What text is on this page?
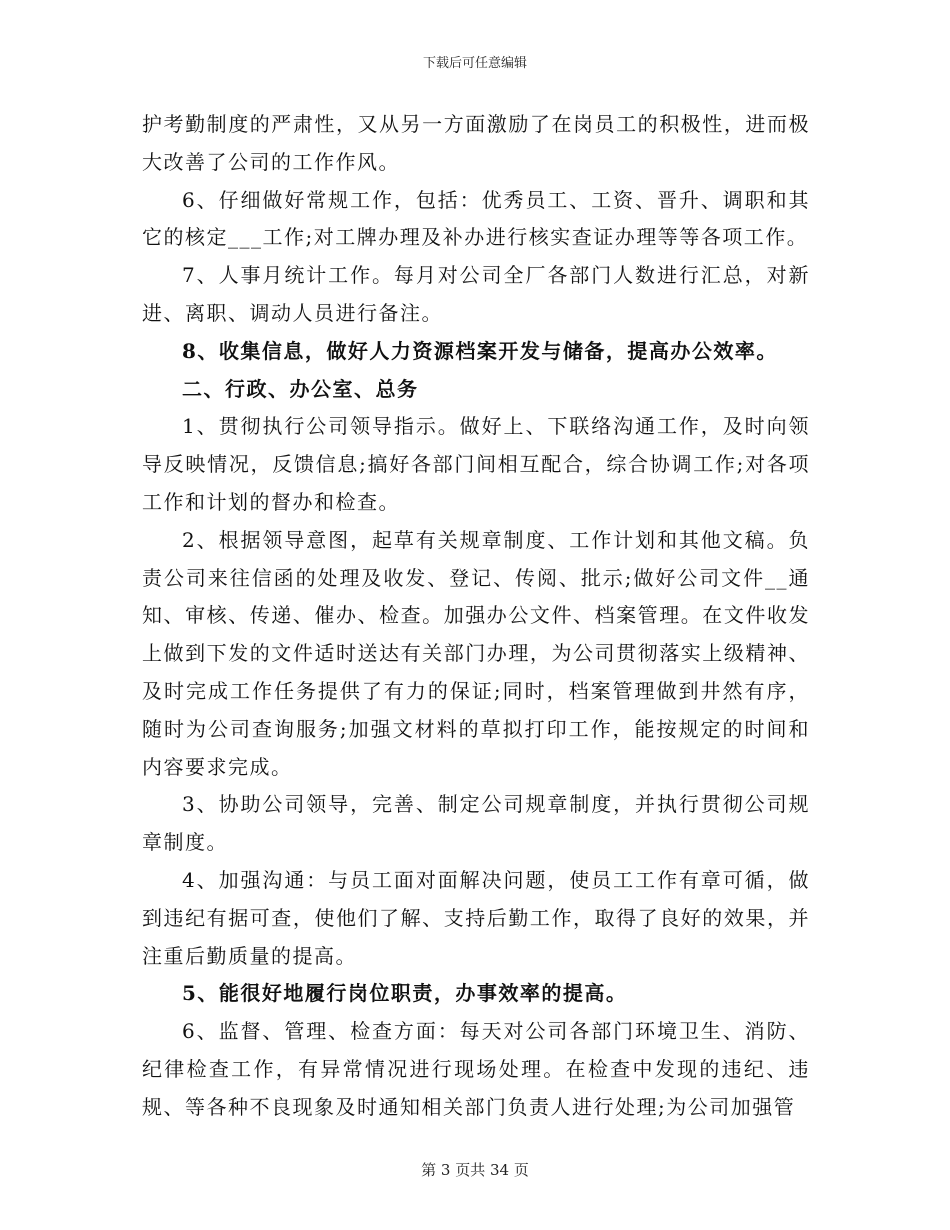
下载后可任意编辑

护考勤制度的严肃性，又从另一方面激励了在岗员工的积极性，进而极大改善了公司的工作作风。

6、仔细做好常规工作，包括：优秀员工、工资、晋升、调职和其它的核定___工作;对工牌办理及补办进行核实查证办理等等各项工作。

7、人事月统计工作。每月对公司全厂各部门人数进行汇总，对新进、离职、调动人员进行备注。

8、收集信息，做好人力资源档案开发与储备，提高办公效率。

二、行政、办公室、总务

1、贯彻执行公司领导指示。做好上、下联络沟通工作，及时向领导反映情况，反馈信息;搞好各部门间相互配合，综合协调工作;对各项工作和计划的督办和检查。

2、根据领导意图，起草有关规章制度、工作计划和其他文稿。负责公司来往信函的处理及收发、登记、传阅、批示;做好公司文件__通知、审核、传递、催办、检查。加强办公文件、档案管理。在文件收发上做到下发的文件适时送达有关部门办理，为公司贯彻落实上级精神、及时完成工作任务提供了有力的保证;同时，档案管理做到井然有序，随时为公司查询服务;加强文材料的草拟打印工作，能按规定的时间和内容要求完成。

3、协助公司领导，完善、制定公司规章制度，并执行贯彻公司规章制度。

4、加强沟通：与员工面对面解决问题，使员工工作有章可循，做到违纪有据可查，使他们了解、支持后勤工作，取得了良好的效果，并注重后勤质量的提高。

5、能很好地履行岗位职责，办事效率的提高。

6、监督、管理、检查方面：每天对公司各部门环境卫生、消防、纪律检查工作，有异常情况进行现场处理。在检查中发现的违纪、违规、等各种不良现象及时通知相关部门负责人进行处理;为公司加强管

第 3 页共 34 页
